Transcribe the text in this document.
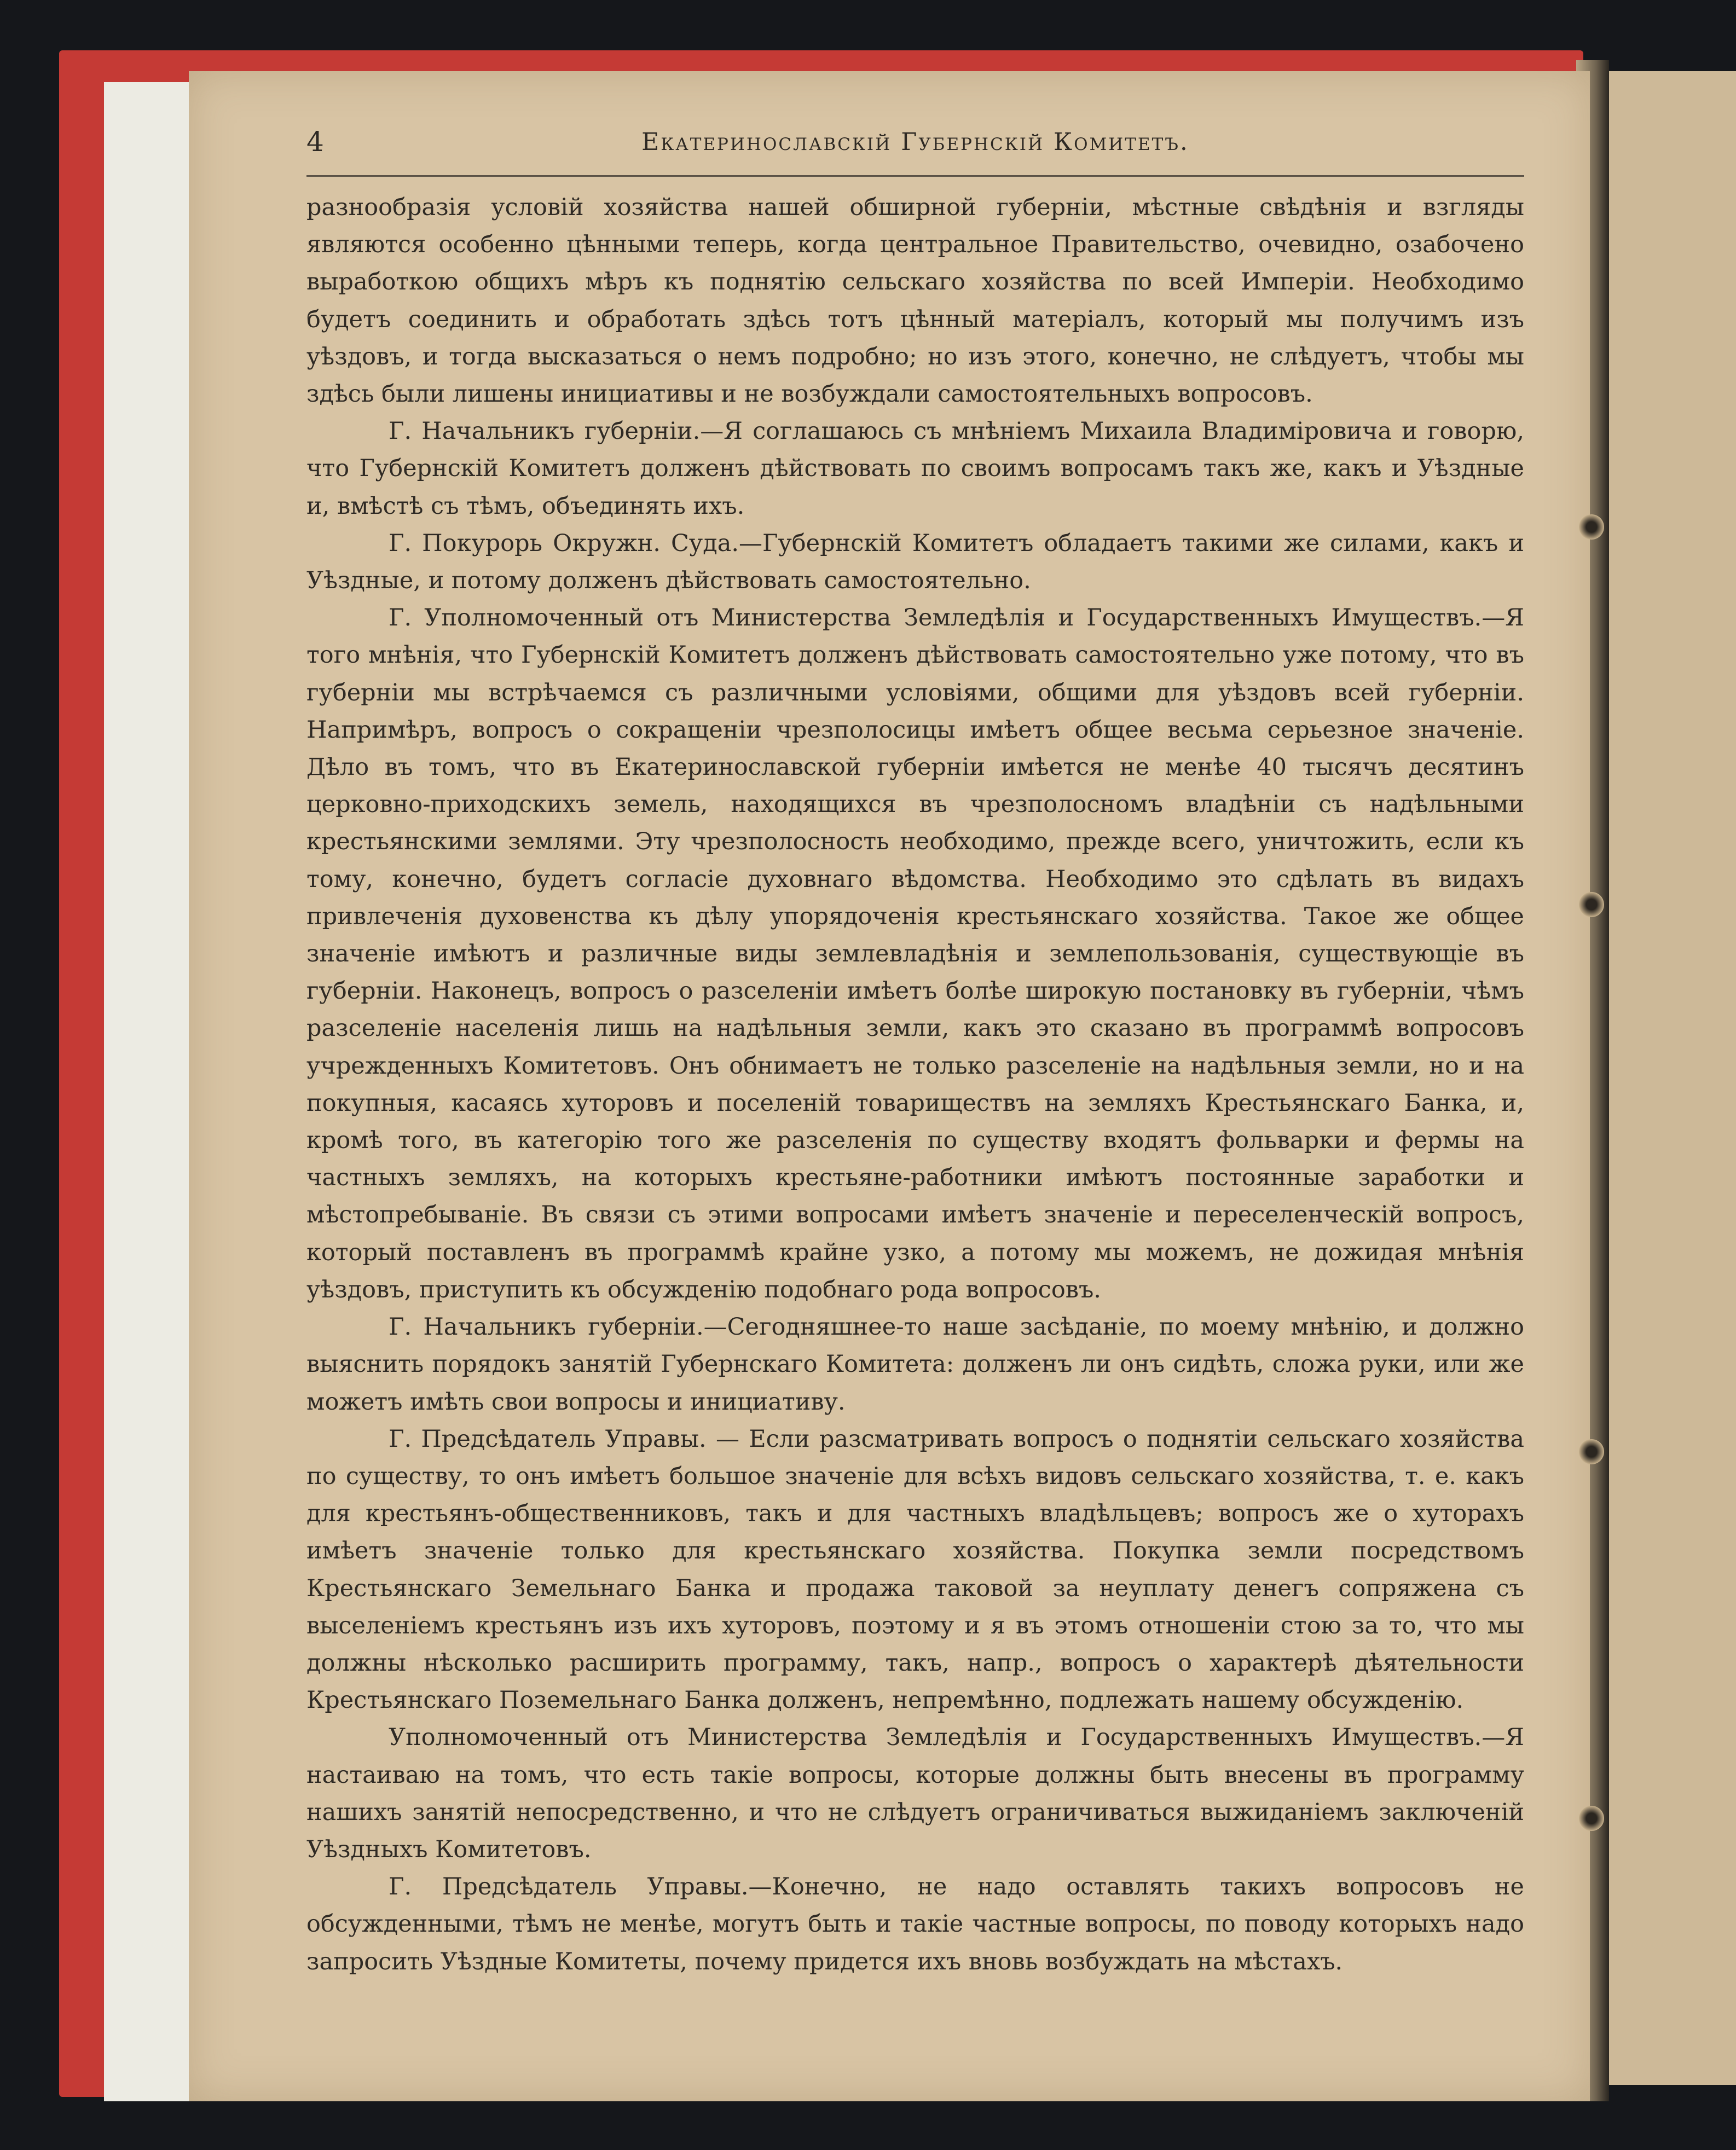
4	Екатеринославскій Губернскій Комитетъ.

разнообразія условій хозяйства нашей обширной губерніи, мѣстные свѣдѣнія и взгляды являются особенно цѣнными теперь, когда центральное Правительство, очевидно, озабочено выработкою общихъ мѣръ къ поднятію сельскаго хозяйства по всей Имперіи. Необходимо будетъ соединить и обработать здѣсь тотъ цѣнный матеріалъ, который мы получимъ изъ уѣздовъ, и тогда высказаться о немъ подробно; но изъ этого, конечно, не слѣдуетъ, чтобы мы здѣсь были лишены инициативы и не возбуждали самостоятельныхъ вопросовъ.

Г. Начальникъ губерніи.—Я соглашаюсь съ мнѣніемъ Михаила Владиміровича и говорю, что Губернскій Комитетъ долженъ дѣйствовать по своимъ вопросамъ такъ же, какъ и Уѣздные и, вмѣстѣ съ тѣмъ, объединять ихъ.

Г. Покурорь Окружн. Суда.—Губернскій Комитетъ обладаетъ такими же силами, какъ и Уѣздные, и потому долженъ дѣйствовать самостоятельно.

Г. Уполномоченный отъ Министерства Земледѣлія и Государственныхъ Имуществъ.—Я того мнѣнія, что Губернскій Комитетъ долженъ дѣйствовать самостоятельно уже потому, что въ губерніи мы встрѣчаемся съ различными условіями, общими для уѣздовъ всей губерніи. Напримѣръ, вопросъ о сокращеніи чрезполосицы имѣетъ общее весьма серьезное значеніе. Дѣло въ томъ, что въ Екатеринославской губерніи имѣется не менѣе 40 тысячъ десятинъ церковно-приходскихъ земель, находящихся въ чрезполосномъ владѣніи съ надѣльными крестьянскими землями. Эту чрезполосность необходимо, прежде всего, уничтожить, если къ тому, конечно, будетъ согласіе духовнаго вѣдомства. Необходимо это сдѣлать въ видахъ привлеченія духовенства къ дѣлу упорядоченія крестьянскаго хозяйства. Такое же общее значеніе имѣютъ и различные виды землевладѣнія и землепользованія, существующіе въ губерніи. Наконецъ, вопросъ о разселеніи имѣетъ болѣе широкую постановку въ губерніи, чѣмъ разселеніе населенія лишь на надѣльныя земли, какъ это сказано въ программѣ вопросовъ учрежденныхъ Комитетовъ. Онъ обнимаетъ не только разселеніе на надѣльныя земли, но и на покупныя, касаясь хуторовъ и поселеній товариществъ на земляхъ Крестьянскаго Банка, и, кромѣ того, въ категорію того же разселенія по существу входятъ фольварки и фермы на частныхъ земляхъ, на которыхъ крестьяне-работники имѣютъ постоянные заработки и мѣстопребываніе. Въ связи съ этими вопросами имѣетъ значеніе и переселенческій вопросъ, который поставленъ въ программѣ крайне узко, а потому мы можемъ, не дожидая мнѣнія уѣздовъ, приступить къ обсужденію подобнаго рода вопросовъ.

Г. Начальникъ губерніи.—Сегодняшнее-то наше засѣданіе, по моему мнѣнію, и должно выяснить порядокъ занятій Губернскаго Комитета: долженъ ли онъ сидѣть, сложа руки, или же можетъ имѣть свои вопросы и инициативу.

Г. Предсѣдатель Управы. — Если разсматривать вопросъ о поднятіи сельскаго хозяйства по существу, то онъ имѣетъ большое значеніе для всѣхъ видовъ сельскаго хозяйства, т. е. какъ для крестьянъ-общественниковъ, такъ и для частныхъ владѣльцевъ; вопросъ же о хуторахъ имѣетъ значеніе только для крестьянскаго хозяйства. Покупка земли посредствомъ Крестьянскаго Земельнаго Банка и продажа таковой за неуплату денегъ сопряжена съ выселеніемъ крестьянъ изъ ихъ хуторовъ, поэтому и я въ этомъ отношеніи стою за то, что мы должны нѣсколько расширить программу, такъ, напр., вопросъ о характерѣ дѣятельности Крестьянскаго Поземельнаго Банка долженъ, непремѣнно, подлежать нашему обсужденію.

Уполномоченный отъ Министерства Земледѣлія и Государственныхъ Имуществъ.—Я настаиваю на томъ, что есть такіе вопросы, которые должны быть внесены въ программу нашихъ занятій непосредственно, и что не слѣдуетъ ограничиваться выжиданіемъ заключеній Уѣздныхъ Комитетовъ.

Г. Предсѣдатель Управы.—Конечно, не надо оставлять такихъ вопросовъ не обсужденными, тѣмъ не менѣе, могутъ быть и такіе частные вопросы, по поводу которыхъ надо запросить Уѣздные Комитеты, почему придется ихъ вновь возбуждать на мѣстахъ.
